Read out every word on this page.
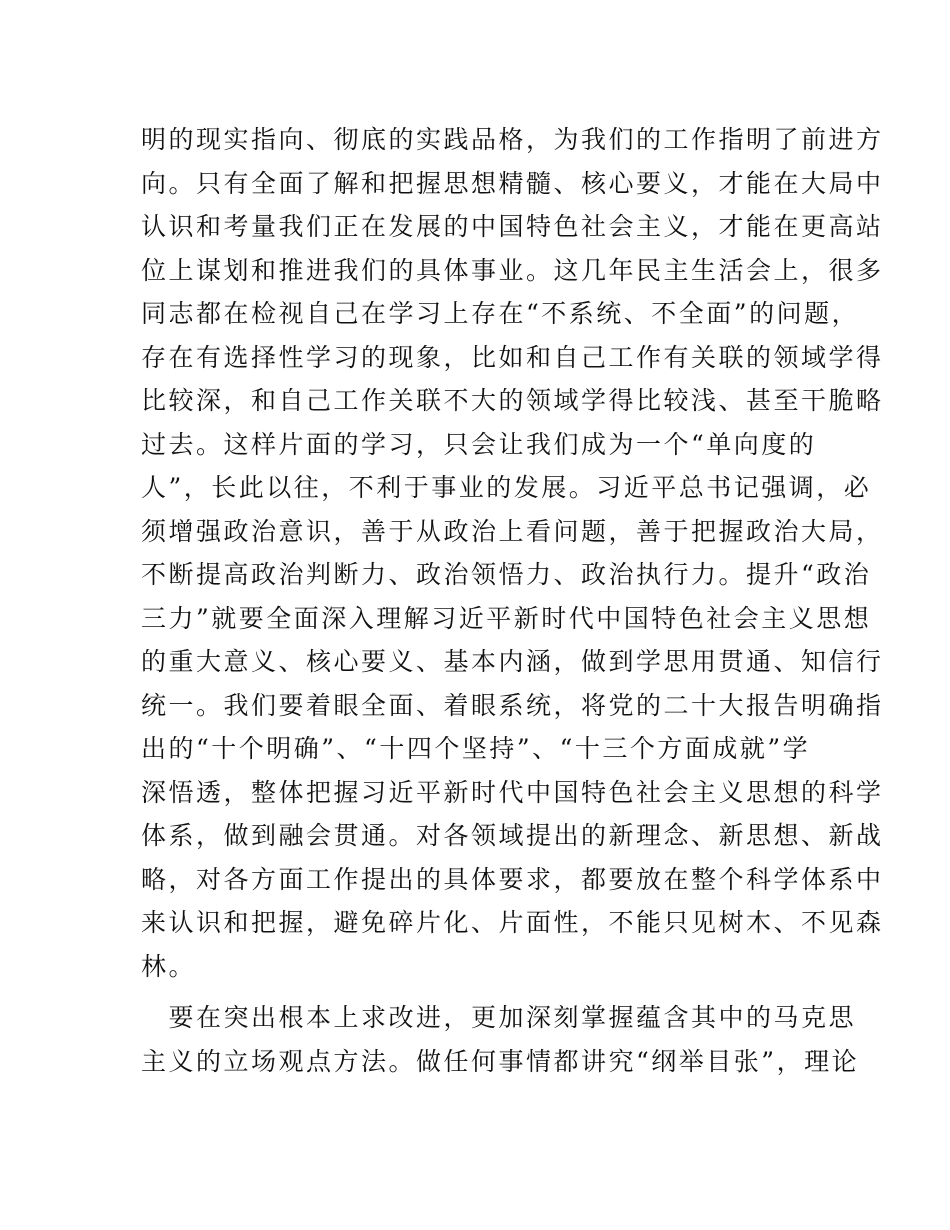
明的现实指向、彻底的实践品格，为我们的工作指明了前进方
向。只有全面了解和把握思想精髓、核心要义，才能在大局中
认识和考量我们正在发展的中国特色社会主义，才能在更高站
位上谋划和推进我们的具体事业。这几年民主生活会上，很多
同志都在检视自己在学习上存在“不系统、不全面”的问题，
存在有选择性学习的现象，比如和自己工作有关联的领域学得
比较深，和自己工作关联不大的领域学得比较浅、甚至干脆略
过去。这样片面的学习，只会让我们成为一个“单向度的
人”，长此以往，不利于事业的发展。习近平总书记强调，必
须增强政治意识，善于从政治上看问题，善于把握政治大局，
不断提高政治判断力、政治领悟力、政治执行力。提升“政治
三力”就要全面深入理解习近平新时代中国特色社会主义思想
的重大意义、核心要义、基本内涵，做到学思用贯通、知信行
统一。我们要着眼全面、着眼系统，将党的二十大报告明确指
出的“十个明确”、“十四个坚持”、“十三个方面成就”学
深悟透，整体把握习近平新时代中国特色社会主义思想的科学
体系，做到融会贯通。对各领域提出的新理念、新思想、新战
略，对各方面工作提出的具体要求，都要放在整个科学体系中
来认识和把握，避免碎片化、片面性，不能只见树木、不见森
林。
　要在突出根本上求改进，更加深刻掌握蕴含其中的马克思
主义的立场观点方法。做任何事情都讲究“纲举目张”，理论
